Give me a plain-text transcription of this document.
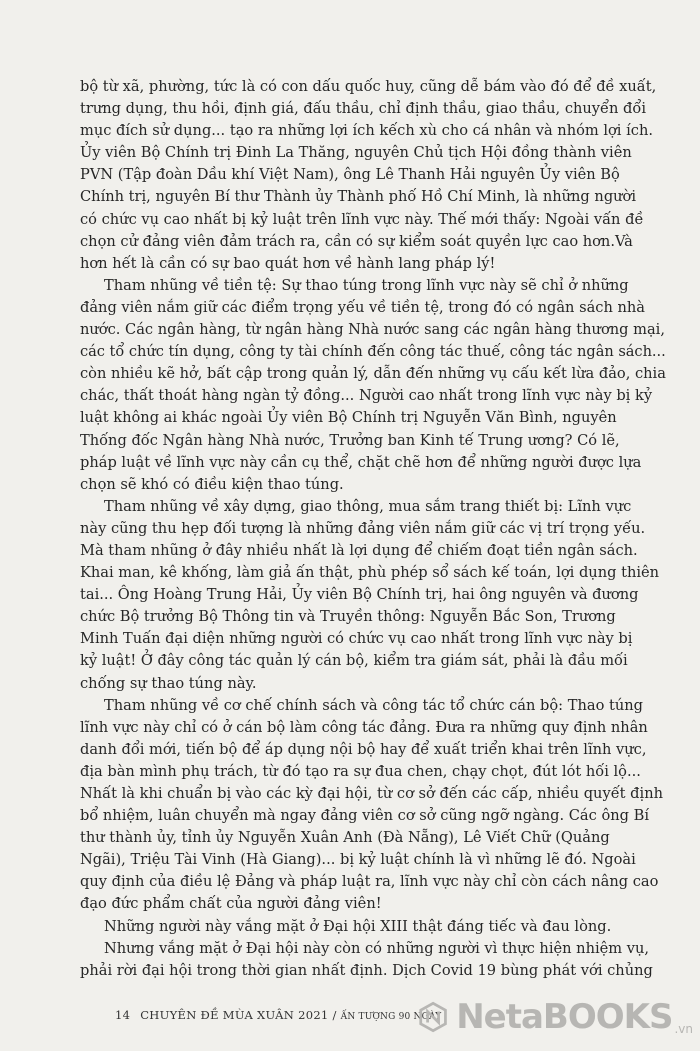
bộ từ xã, phường, tức là có con dấu quốc huy, cũng dễ bám vào đó để đề xuất,
trưng dụng, thu hồi, định giá, đấu thầu, chỉ định thầu, giao thầu, chuyển đổi
mục đích sử dụng... tạo ra những lợi ích kếch xù cho cá nhân và nhóm lợi ích.
Ủy viên Bộ Chính trị Đinh La Thăng, nguyên Chủ tịch Hội đồng thành viên
PVN (Tập đoàn Dầu khí Việt Nam), ông Lê Thanh Hải nguyên Ủy viên Bộ
Chính trị, nguyên Bí thư Thành ủy Thành phố Hồ Chí Minh, là những người
có chức vụ cao nhất bị kỷ luật trên lĩnh vực này. Thế mới thấy: Ngoài vấn đề
chọn cử đảng viên đảm trách ra, cần có sự kiểm soát quyền lực cao hơn.Và
hơn hết là cần có sự bao quát hơn về hành lang pháp lý!
Tham nhũng về tiền tệ: Sự thao túng trong lĩnh vực này sẽ chỉ ở những
đảng viên nắm giữ các điểm trọng yếu về tiền tệ, trong đó có ngân sách nhà
nước. Các ngân hàng, từ ngân hàng Nhà nước sang các ngân hàng thương mại,
các tổ chức tín dụng, công ty tài chính đến công tác thuế, công tác ngân sách...
còn nhiều kẽ hở, bất cập trong quản lý, dẫn đến những vụ cấu kết lừa đảo, chia
chác, thất thoát hàng ngàn tỷ đồng... Người cao nhất trong lĩnh vực này bị kỷ
luật không ai khác ngoài Ủy viên Bộ Chính trị Nguyễn Văn Bình, nguyên
Thống đốc Ngân hàng Nhà nước, Trưởng ban Kinh tế Trung ương? Có lẽ,
pháp luật về lĩnh vực này cần cụ thể, chặt chẽ hơn để những người được lựa
chọn sẽ khó có điều kiện thao túng.
Tham nhũng về xây dựng, giao thông, mua sắm trang thiết bị: Lĩnh vực
này cũng thu hẹp đối tượng là những đảng viên nắm giữ các vị trí trọng yếu.
Mà tham nhũng ở đây nhiều nhất là lợi dụng để chiếm đoạt tiền ngân sách.
Khai man, kê khống, làm giả ấn thật, phù phép sổ sách kế toán, lợi dụng thiên
tai... Ông Hoàng Trung Hải, Ủy viên Bộ Chính trị, hai ông nguyên và đương
chức Bộ trưởng Bộ Thông tin và Truyền thông: Nguyễn Bắc Son, Trương
Minh Tuấn đại diện những người có chức vụ cao nhất trong lĩnh vực này bị
kỷ luật! Ở đây công tác quản lý cán bộ, kiểm tra giám sát, phải là đầu mối
chống sự thao túng này.
Tham nhũng về cơ chế chính sách và công tác tổ chức cán bộ: Thao túng
lĩnh vực này chỉ có ở cán bộ làm công tác đảng. Đưa ra những quy định nhân
danh đổi mới, tiến bộ để áp dụng nội bộ hay để xuất triển khai trên lĩnh vực,
địa bàn mình phụ trách, từ đó tạo ra sự đua chen, chạy chọt, đút lót hối lộ...
Nhất là khi chuẩn bị vào các kỳ đại hội, từ cơ sở đến các cấp, nhiều quyết định
bổ nhiệm, luân chuyển mà ngay đảng viên cơ sở cũng ngỡ ngàng. Các ông Bí
thư thành ủy, tỉnh ủy Nguyễn Xuân Anh (Đà Nẵng), Lê Viết Chữ (Quảng
Ngãi), Triệu Tài Vinh (Hà Giang)... bị kỷ luật chính là vì những lẽ đó. Ngoài
quy định của điều lệ Đảng và pháp luật ra, lĩnh vực này chỉ còn cách nâng cao
đạo đức phẩm chất của người đảng viên!
Những người này vắng mặt ở Đại hội XIII thật đáng tiếc và đau lòng.
Nhưng vắng mặt ở Đại hội này còn có những người vì thực hiện nhiệm vụ,
phải rời đại hội trong thời gian nhất định. Dịch Covid 19 bùng phát với chủng
14 CHUYÊN ĐỀ MÙA XUÂN 2021 / ẤN TƯỢNG 90 NGÀY NetaBOOKS .vn
